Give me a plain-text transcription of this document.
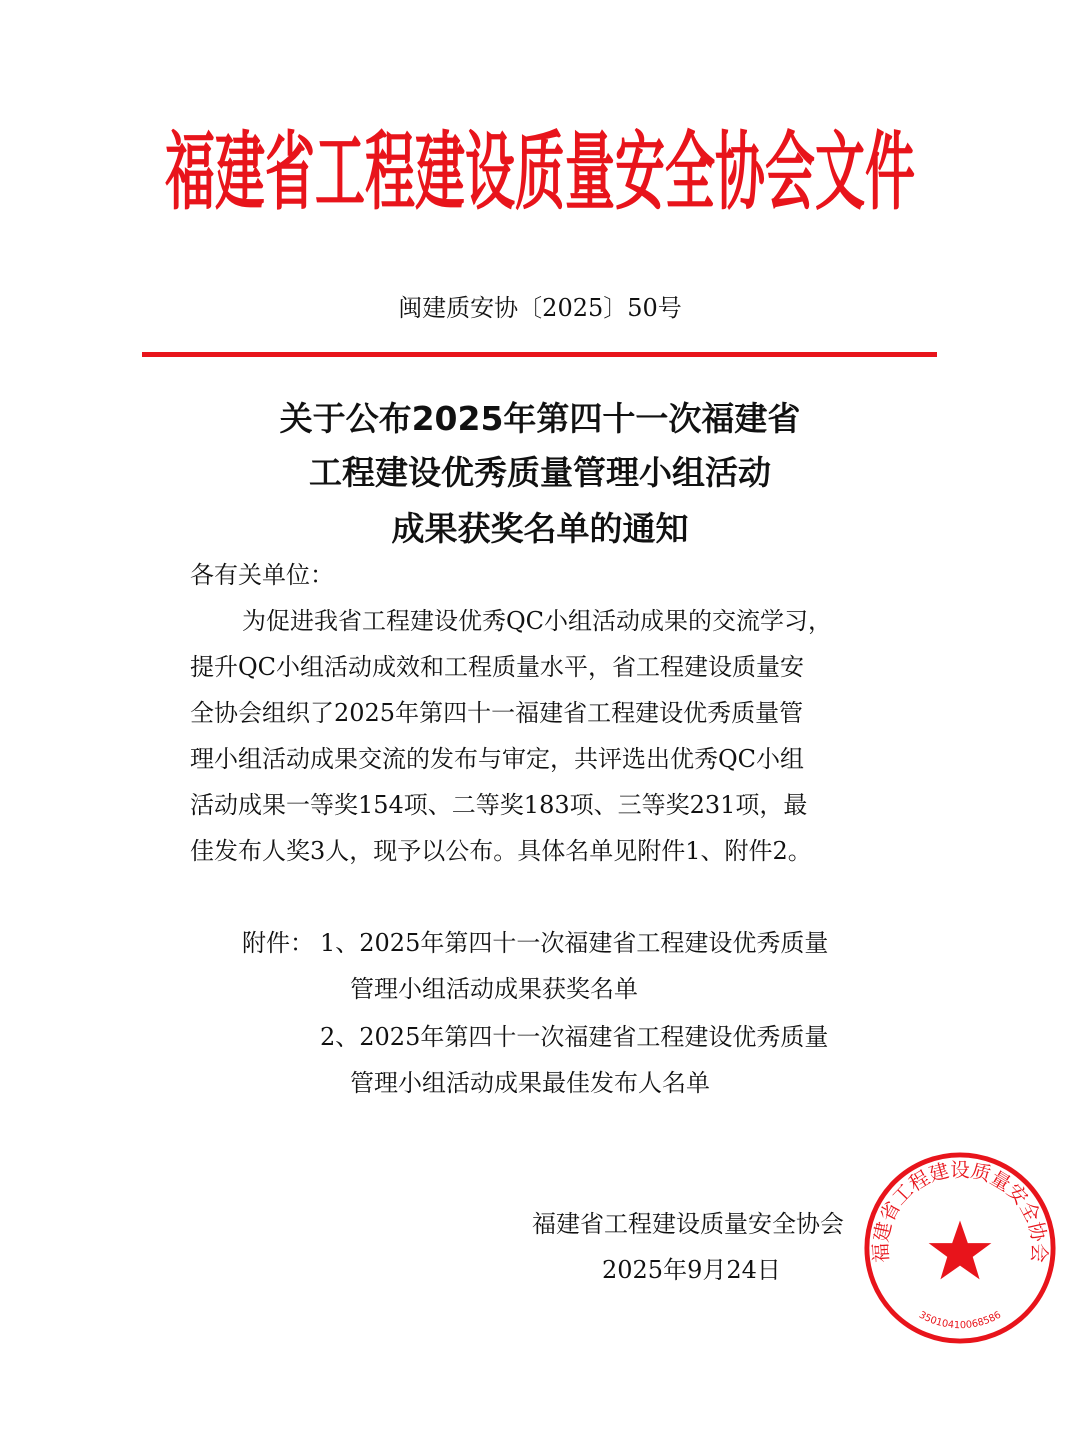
福建省工程建设质量安全协会文件
闽建质安协〔2025〕50号
关于公布2025年第四十一次福建省
工程建设优秀质量管理小组活动
成果获奖名单的通知
各有关单位：
为促进我省工程建设优秀QC小组活动成果的交流学习，
提升QC小组活动成效和工程质量水平，省工程建设质量安
全协会组织了2025年第四十一福建省工程建设优秀质量管
理小组活动成果交流的发布与审定，共评选出优秀QC小组
活动成果一等奖154项、二等奖183项、三等奖231项，最
佳发布人奖3人，现予以公布。具体名单见附件1、附件2。
附件： 1、2025年第四十一次福建省工程建设优秀质量
管理小组活动成果获奖名单
2、2025年第四十一次福建省工程建设优秀质量
管理小组活动成果最佳发布人名单
福建省工程建设质量安全协会
2025年9月24日
福建省工程建设质量安全协会
35010410068586
